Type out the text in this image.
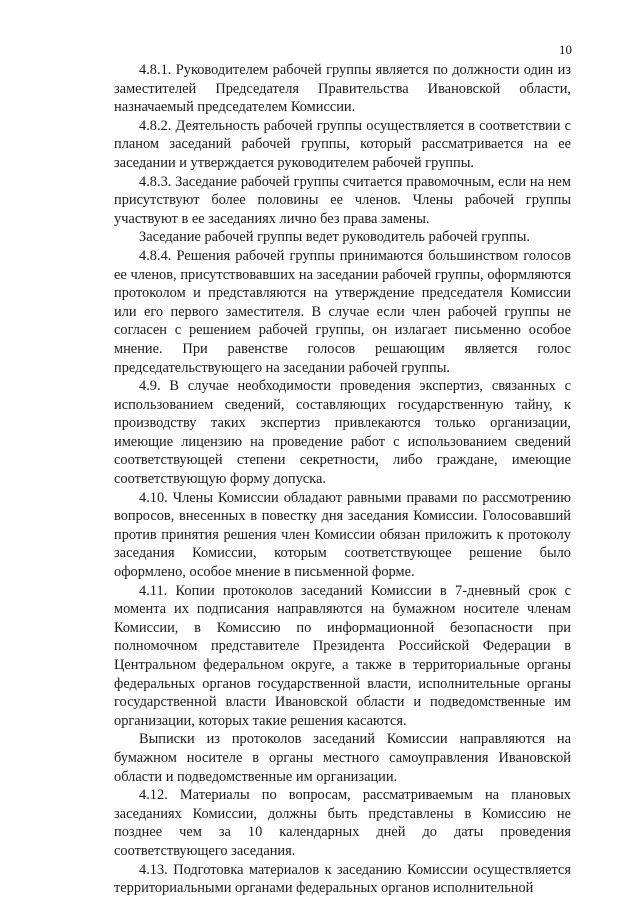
10

4.8.1. Руководителем рабочей группы является по должности один из заместителей Председателя Правительства Ивановской области, назначаемый председателем Комиссии.

4.8.2. Деятельность рабочей группы осуществляется в соответствии с планом заседаний рабочей группы, который рассматривается на ее заседании и утверждается руководителем рабочей группы.

4.8.3. Заседание рабочей группы считается правомочным, если на нем присутствуют более половины ее членов. Члены рабочей группы участвуют в ее заседаниях лично без права замены.

Заседание рабочей группы ведет руководитель рабочей группы.

4.8.4. Решения рабочей группы принимаются большинством голосов ее членов, присутствовавших на заседании рабочей группы, оформляются протоколом и представляются на утверждение председателя Комиссии или его первого заместителя. В случае если член рабочей группы не согласен с решением рабочей группы, он излагает письменно особое мнение. При равенстве голосов решающим является голос председательствующего на заседании рабочей группы.

4.9. В случае необходимости проведения экспертиз, связанных с использованием сведений, составляющих государственную тайну, к производству таких экспертиз привлекаются только организации, имеющие лицензию на проведение работ с использованием сведений соответствующей степени секретности, либо граждане, имеющие соответствующую форму допуска.

4.10. Члены Комиссии обладают равными правами по рассмотрению вопросов, внесенных в повестку дня заседания Комиссии. Голосовавший против принятия решения член Комиссии обязан приложить к протоколу заседания Комиссии, которым соответствующее решение было оформлено, особое мнение в письменной форме.

4.11. Копии протоколов заседаний Комиссии в 7-дневный срок с момента их подписания направляются на бумажном носителе членам Комиссии, в Комиссию по информационной безопасности при полномочном представителе Президента Российской Федерации в Центральном федеральном округе, а также в территориальные органы федеральных органов государственной власти, исполнительные органы государственной власти Ивановской области и подведомственные им организации, которых такие решения касаются.

Выписки из протоколов заседаний Комиссии направляются на бумажном носителе в органы местного самоуправления Ивановской области и подведомственные им организации.

4.12. Материалы по вопросам, рассматриваемым на плановых заседаниях Комиссии, должны быть представлены в Комиссию не позднее чем за 10 календарных дней до даты проведения соответствующего заседания.

4.13. Подготовка материалов к заседанию Комиссии осуществляется территориальными органами федеральных органов исполнительной
